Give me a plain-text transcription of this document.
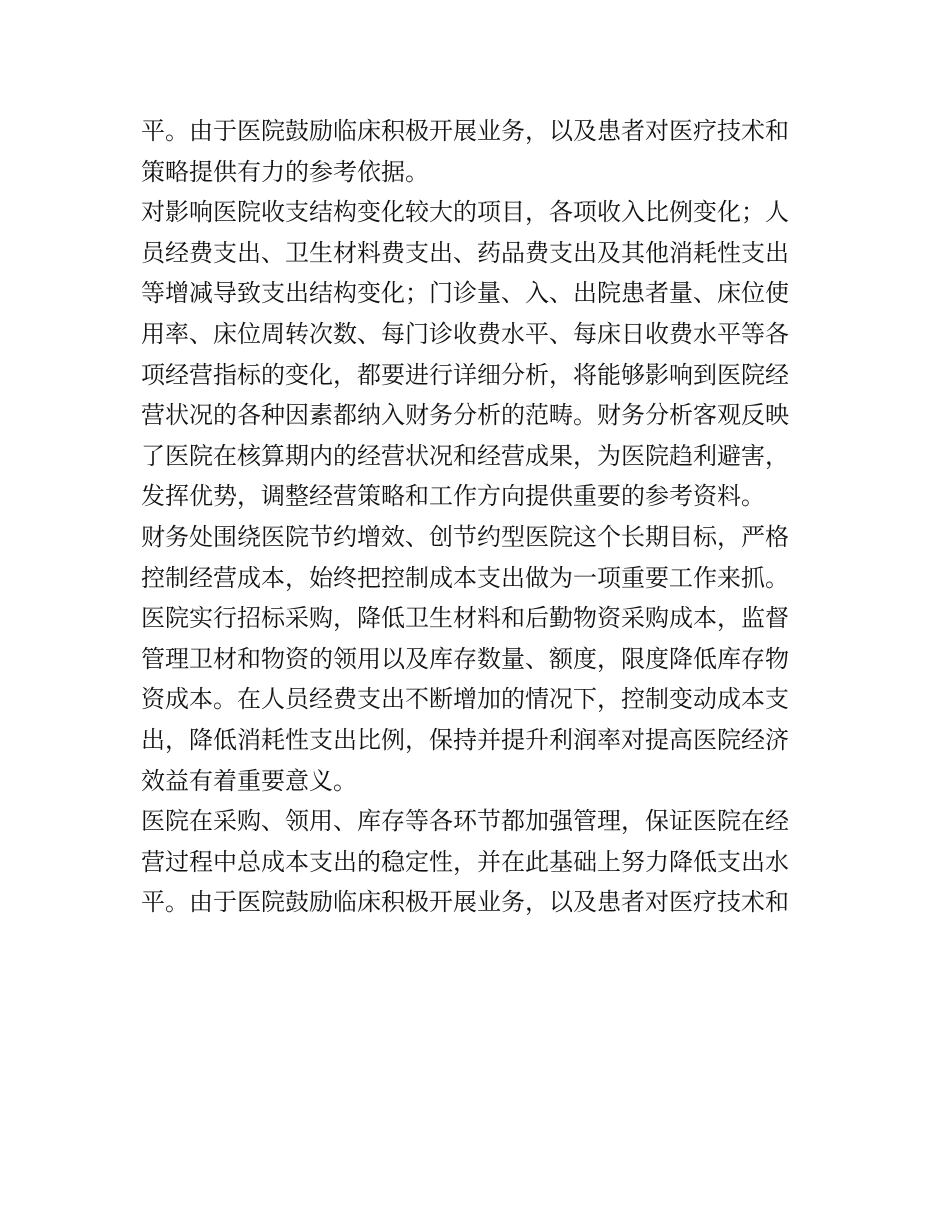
平。由于医院鼓励临床积极开展业务，以及患者对医疗技术和
策略提供有力的参考依据。
对影响医院收支结构变化较大的项目，各项收入比例变化；人
员经费支出、卫生材料费支出、药品费支出及其他消耗性支出
等增减导致支出结构变化；门诊量、入、出院患者量、床位使
用率、床位周转次数、每门诊收费水平、每床日收费水平等各
项经营指标的变化，都要进行详细分析，将能够影响到医院经
营状况的各种因素都纳入财务分析的范畴。财务分析客观反映
了医院在核算期内的经营状况和经营成果，为医院趋利避害，
发挥优势，调整经营策略和工作方向提供重要的参考资料。
财务处围绕医院节约增效、创节约型医院这个长期目标，严格
控制经营成本，始终把控制成本支出做为一项重要工作来抓。
医院实行招标采购，降低卫生材料和后勤物资采购成本，监督
管理卫材和物资的领用以及库存数量、额度，限度降低库存物
资成本。在人员经费支出不断增加的情况下，控制变动成本支
出，降低消耗性支出比例，保持并提升利润率对提高医院经济
效益有着重要意义。
医院在采购、领用、库存等各环节都加强管理，保证医院在经
营过程中总成本支出的稳定性，并在此基础上努力降低支出水
平。由于医院鼓励临床积极开展业务，以及患者对医疗技术和
